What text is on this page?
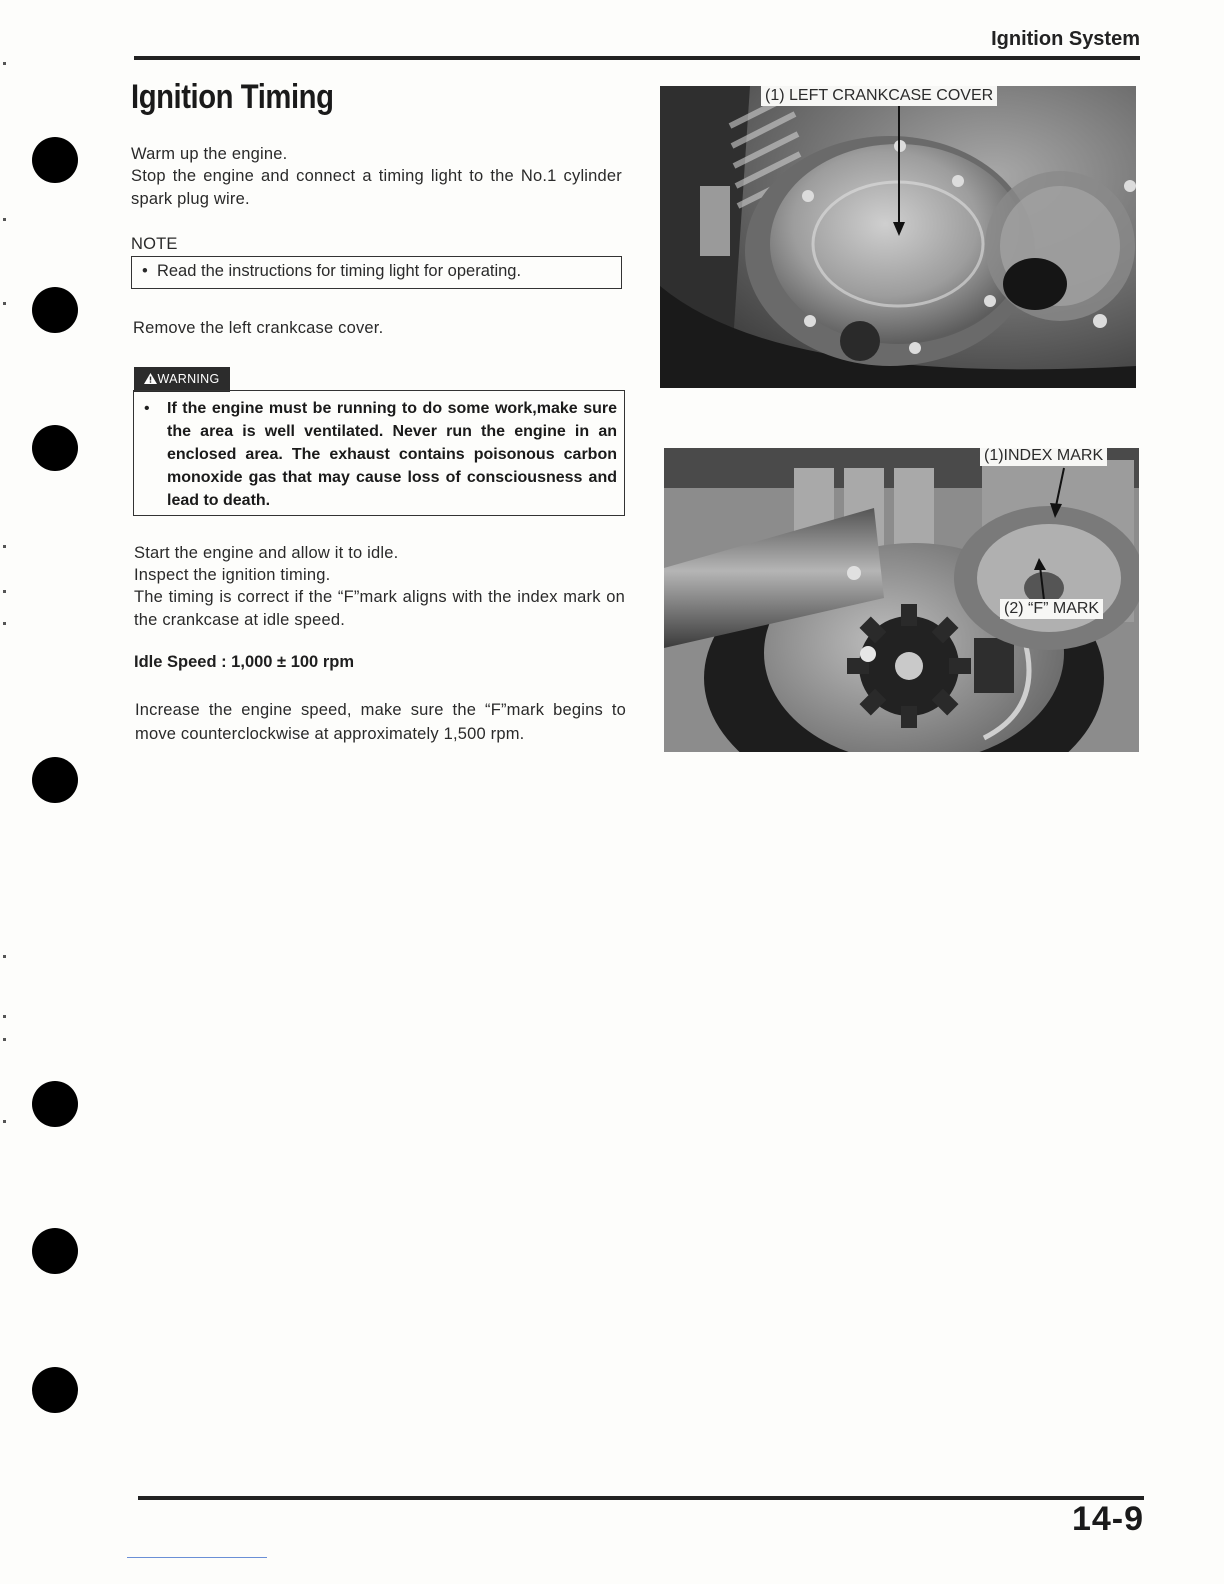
Ignition System
Ignition Timing
Warm up the engine.
Stop the engine and connect a timing light to the No.1 cylinder spark plug wire.
NOTE
• Read the instructions for timing light for operating.
Remove the left crankcase cover.
WARNING
• If the engine must be running to do some work,make sure the area is well ventilated. Never run the engine in an enclosed area. The exhaust contains poisonous carbon monoxide gas that may cause loss of consciousness and lead to death.
Start the engine and allow it to idle.
Inspect the ignition timing.
The timing is correct if the “F”mark aligns with the index mark on the crankcase at idle speed.
Idle Speed : 1,000 ± 100 rpm
Increase the engine speed, make sure the “F”mark begins to move counterclockwise at approximately 1,500 rpm.
(1) LEFT CRANKCASE COVER
(1)INDEX MARK
(2) “F” MARK
14-9
